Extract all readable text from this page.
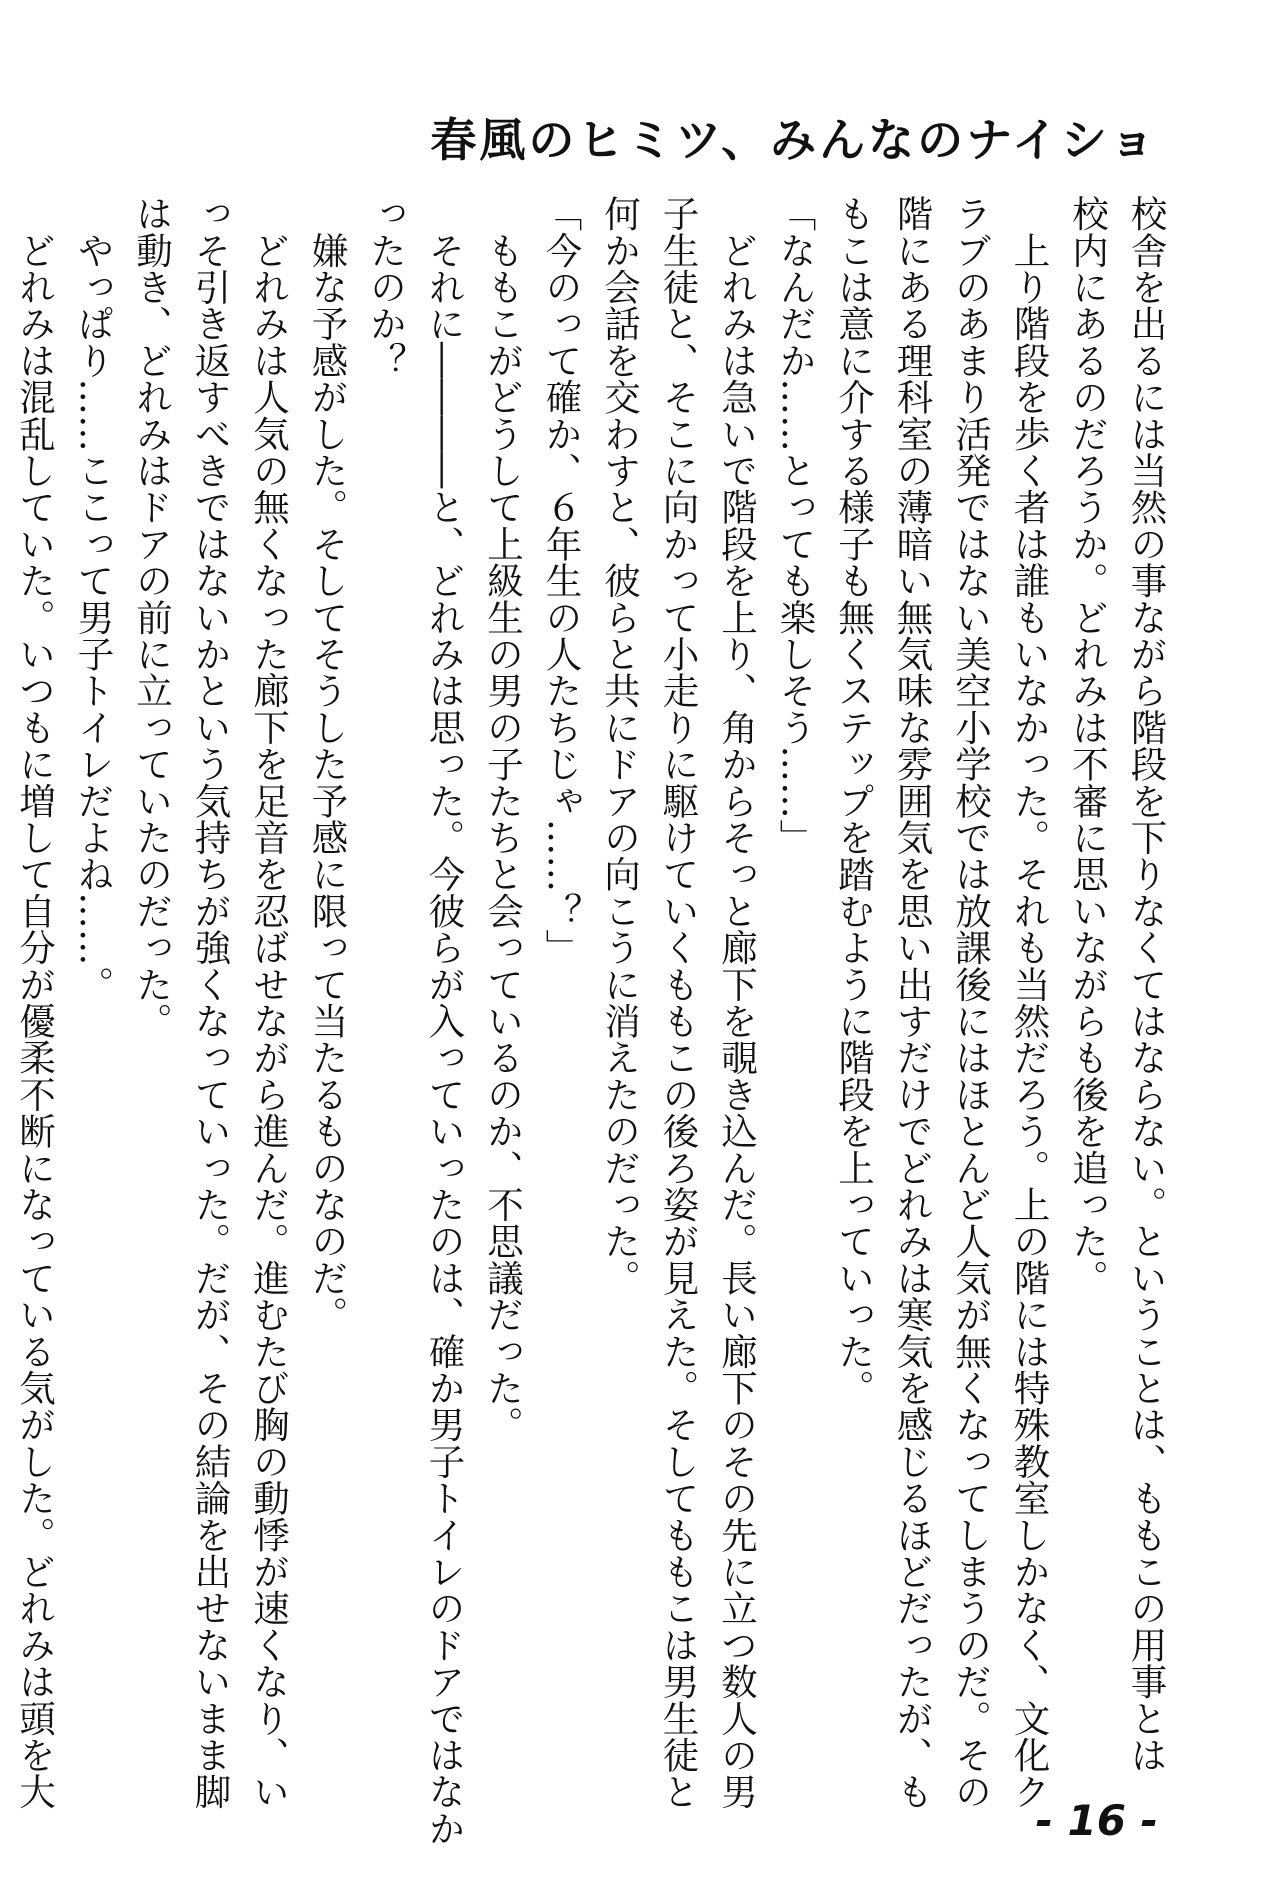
春風のヒミツ、みんなのナイショ
校舎を出るには当然の事ながら階段を下りなくてはならない。ということは、ももこの用事とは
校内にあるのだろうか。どれみは不審に思いながらも後を追った。
　上り階段を歩く者は誰もいなかった。それも当然だろう。上の階には特殊教室しかなく、文化ク
ラブのあまり活発ではない美空小学校では放課後にはほとんど人気が無くなってしまうのだ。その
階にある理科室の薄暗い無気味な雰囲気を思い出すだけでどれみは寒気を感じるほどだったが、も
もこは意に介する様子も無くステップを踏むように階段を上っていった。
「なんだか……とっても楽しそう……」
　どれみは急いで階段を上り、角からそっと廊下を覗き込んだ。長い廊下のその先に立つ数人の男
子生徒と、そこに向かって小走りに駆けていくももこの後ろ姿が見えた。そしてももこは男生徒と
何か会話を交わすと、彼らと共にドアの向こうに消えたのだった。
「今のって確か、６年生の人たちじゃ……？」
　ももこがどうして上級生の男の子たちと会っているのか、不思議だった。
　それに――――と、どれみは思った。今彼らが入っていったのは、確か男子トイレのドアではなか
ったのか？
　嫌な予感がした。そしてそうした予感に限って当たるものなのだ。
　どれみは人気の無くなった廊下を足音を忍ばせながら進んだ。進むたび胸の動悸が速くなり、い
っそ引き返すべきではないかという気持ちが強くなっていった。だが、その結論を出せないまま脚
は動き、どれみはドアの前に立っていたのだった。
　やっぱり……ここって男子トイレだよね……。
　どれみは混乱していた。いつもに増して自分が優柔不断になっている気がした。どれみは頭を大
- 16 -
